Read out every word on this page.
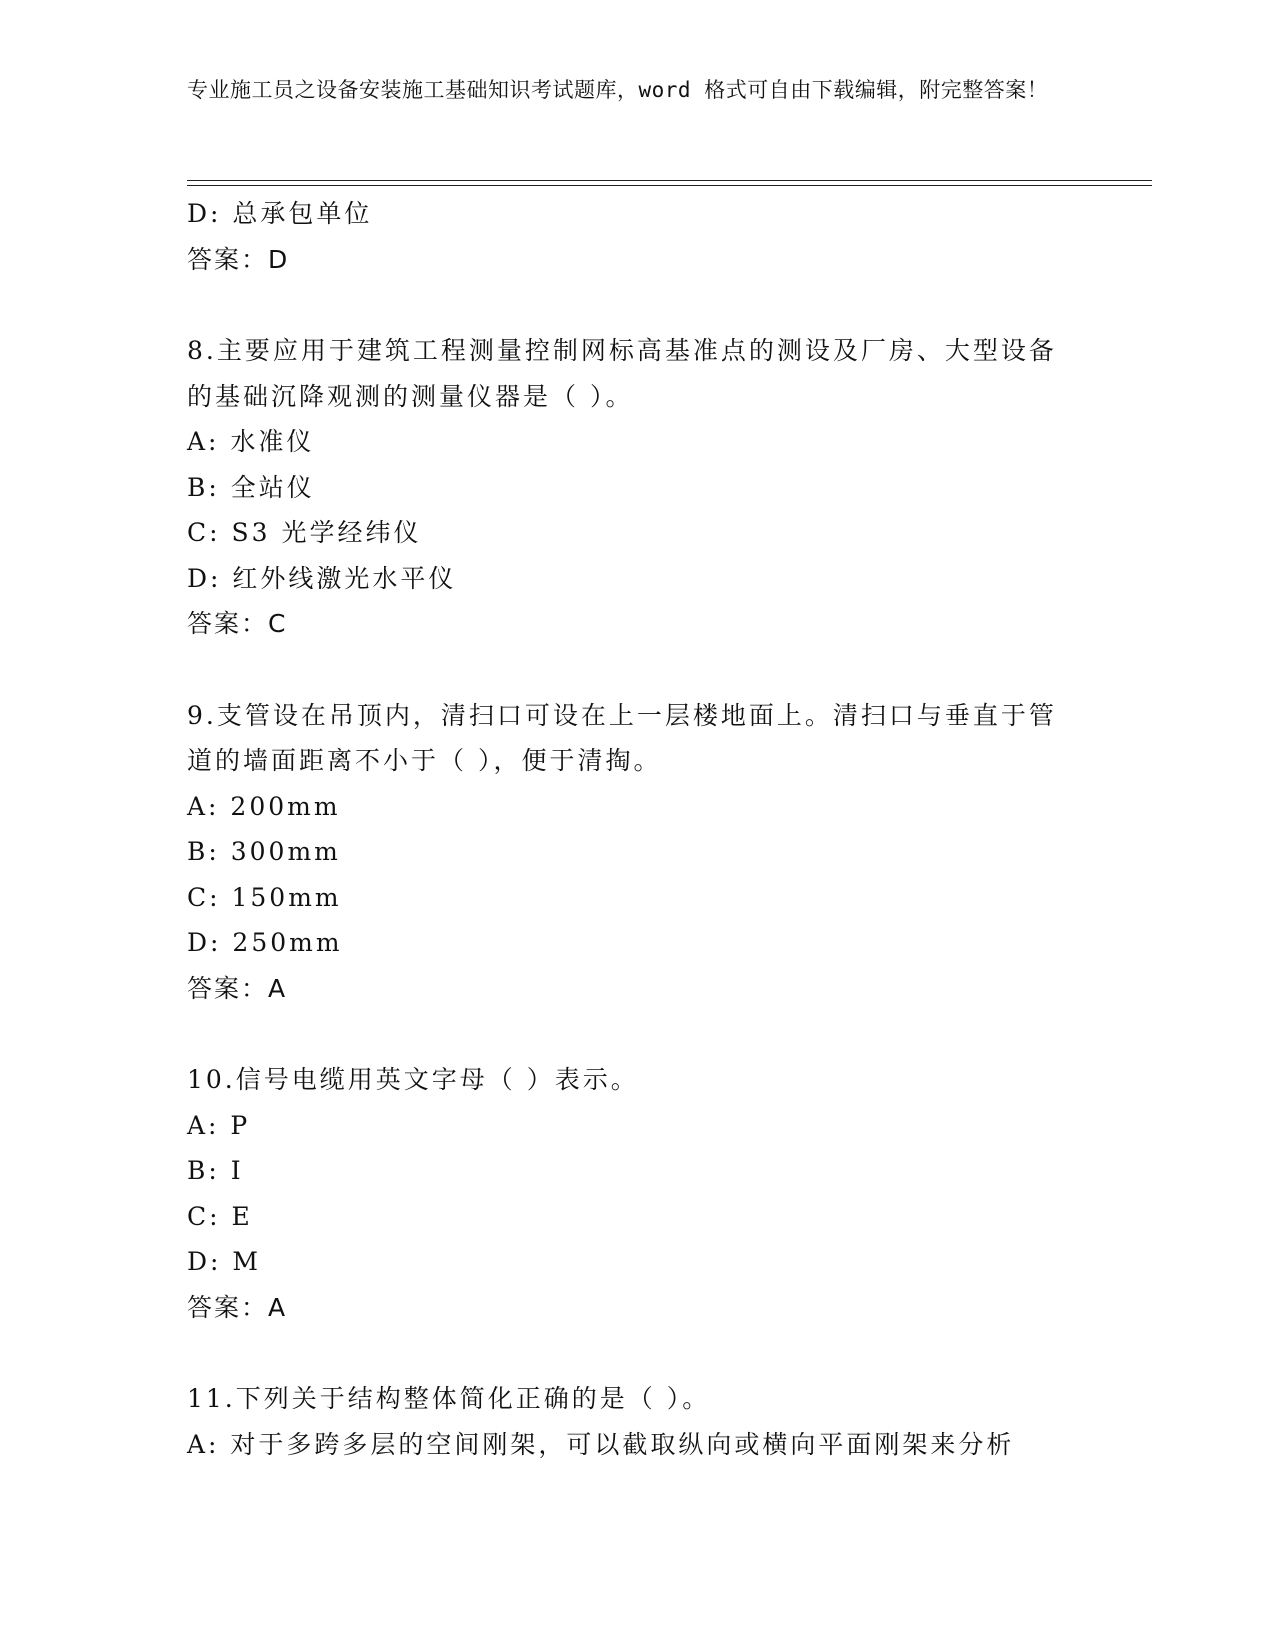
专业施工员之设备安装施工基础知识考试题库，word 格式可自由下载编辑，附完整答案！
D: 总承包单位
答案：D
8.主要应用于建筑工程测量控制网标高基准点的测设及厂房、大型设备的基础沉降观测的测量仪器是（ ）。
A: 水准仪
B: 全站仪
C: S3 光学经纬仪
D: 红外线激光水平仪
答案：C
9.支管设在吊顶内，清扫口可设在上一层楼地面上。清扫口与垂直于管道的墙面距离不小于（ ），便于清掏。
A: 200mm
B: 300mm
C: 150mm
D: 250mm
答案：A
10.信号电缆用英文字母（ ）表示。
A: P
B: I
C: E
D: M
答案：A
11.下列关于结构整体简化正确的是（ ）。
A: 对于多跨多层的空间刚架，可以截取纵向或横向平面刚架来分析
